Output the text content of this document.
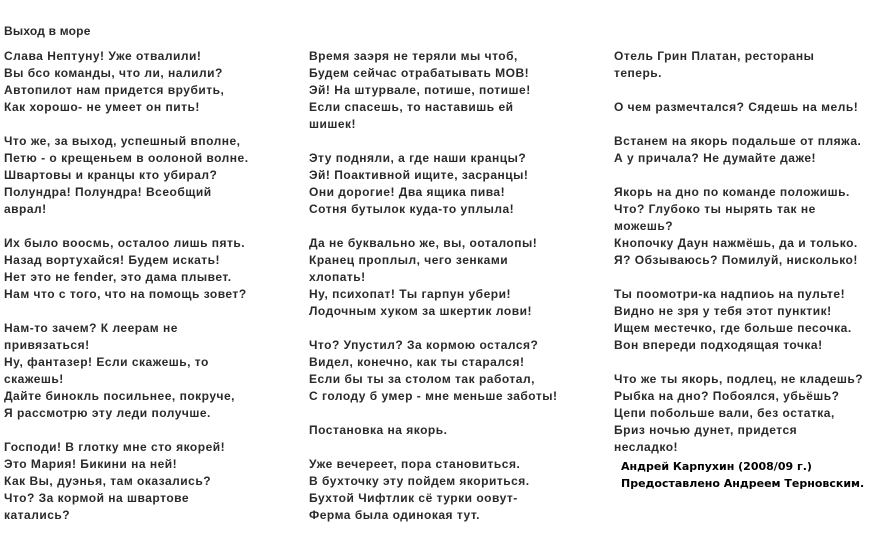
Выход в море
Слава Нептуну! Уже отвалили!
Вы бсо команды, что ли, налили?
Автопилот нам придется врубить,
Как хорошо- не умеет он пить!
Что же, за выход, успешный вполне,
Петю - о крещеньем в оолоной волне.
Швартовы и кранцы кто убирал?
Полундра! Полундра! Всеобщий
аврал!
Их было воосмь, осталоо лишь пять.
Назад вортухайся! Будем искать!
Нет это не fender, это дама плывет.
Нам что с того, что на помощь зовет?
Нам-то зачем? К леерам не
привязаться!
Ну, фантазер! Если скажешь, то
скажешь!
Дайте бинокль посильнее, покруче,
Я рассмотрю эту леди получше.
Господи! В глотку мне сто якорей!
Это Мария! Бикини на ней!
Как Вы, дуэнья, там оказались?
Что? За кормой на швартове
катались?
Время заэря не теряли мы чтоб,
Будем сейчас отрабатывать МОВ!
Эй! На штурвале, потише, потише!
Если спасешь, то наставишь ей
шишек!
Эту подняли, а где наши кранцы?
Эй! Поактивной ищите, засранцы!
Они дорогие! Два ящика пива!
Сотня бутылок куда-то уплыла!
Да не буквально же, вы, ооталопы!
Кранец проплыл, чего зенками
хлопать!
Ну, психопат! Ты гарпун убери!
Лодочным хуком за шкертик лови!
Что? Упустил? За кормою остался?
Видел, конечно, как ты старался!
Если бы ты за столом так работал,
С голоду б умер - мне меньше заботы!
Постановка на якорь.
Уже вечереет, пора становиться.
В бухточку эту пойдем якориться.
Бухтой Чифтлик cё турки оовут-
Ферма была одинокая тут.
Отель Грин Платан, рестораны
теперь.
О чем размечтался? Сядешь на мель!
Встанем на якорь подальше от пляжа.
А у причала? Не думайте даже!
Якорь на дно по команде положишь.
Что? Глубоко ты нырять так не
можешь?
Кнопочку Даун нажмёшь, да и только.
Я? Обзываюсь? Помилуй, нисколько!
Ты поомотри-ка надпиоь на пульте!
Видно не зря у тебя этот пунктик!
Ищем местечко, где больше песочка.
Вон впереди подходящая точка!
Что же ты якорь, подлец, не кладешь?
Рыбка на дно? Побоялся, убьёшь?
Цепи побольше вали, без остатка,
Бриз ночью дунет, придется
несладко!
Андрей Карпухин (2008/09 г.)
Предоставлено Андреем Терновским.
